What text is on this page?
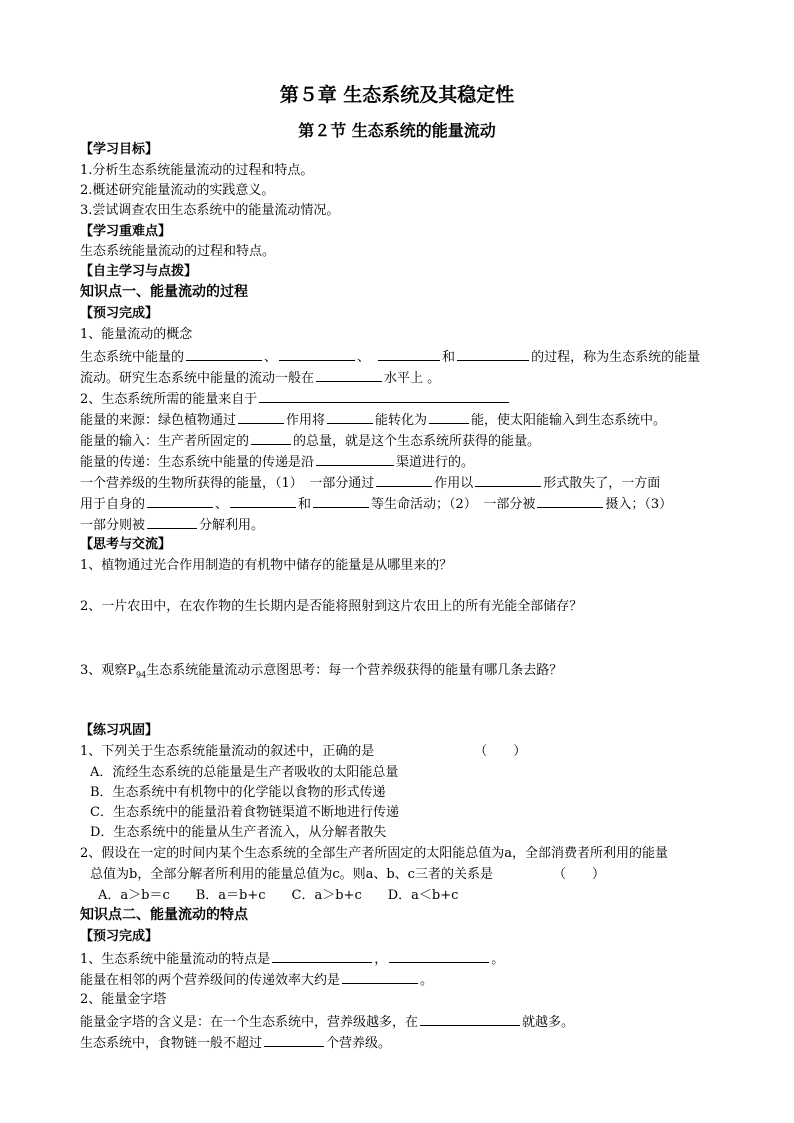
第５章 生态系统及其稳定性
第２节 生态系统的能量流动
【学习目标】
1.分析生态系统能量流动的过程和特点。
2.概述研究能量流动的实践意义。
3.尝试调查农田生态系统中的能量流动情况。
【学习重难点】
生态系统能量流动的过程和特点。
【自主学习与点拨】
知识点一、能量流动的过程
【预习完成】
1、能量流动的概念
生态系统中能量的	、	、	和	的过程，称为生态系统的能量
流动。研究生态系统中能量的流动一般在	水平上 。
2、生态系统所需的能量来自于
能量的来源：绿色植物通过	作用将	能转化为	能，使太阳能输入到生态系统中。
能量的输入：生产者所固定的	的总量，就是这个生态系统所获得的能量。
能量的传递：生态系统中能量的传递是沿	渠道进行的。
一个营养级的生物所获得的能量，（1）　一部分通过	作用以	形式散失了，一方面
用于自身的	、	和	等生命活动；（2）　一部分被	摄入；（3）
一部分则被	分解利用。
【思考与交流】
1、植物通过光合作用制造的有机物中储存的能量是从哪里来的？
2、一片农田中，在农作物的生长期内是否能将照射到这片农田上的所有光能全部储存？
3、观察$P_{94}$生态系统能量流动示意图思考：每一个营养级获得的能量有哪几条去路？
【练习巩固】
1、下列关于生态系统能量流动的叙述中，正确的是	（　　）
A．流经生态系统的总能量是生产者吸收的太阳能总量
B．生态系统中有机物中的化学能以食物的形式传递
C．生态系统中的能量沿着食物链渠道不断地进行传递
D．生态系统中的能量从生产者流入，从分解者散失
2、假设在一定的时间内某个生态系统的全部生产者所固定的太阳能总值为a，全部消费者所利用的能量
总值为b，全部分解者所利用的能量总值为c。则a、b、c三者的关系是	（　　）
A．a＞b＝c　　B．a＝b+c　　C．a＞b+c　　D．a＜b+c
知识点二、能量流动的特点
【预习完成】
1、生态系统中能量流动的特点是	，	。
能量在相邻的两个营养级间的传递效率大约是	。
2、能量金字塔
能量金字塔的含义是：在一个生态系统中，营养级越多，在	就越多。
生态系统中，食物链一般不超过	个营养级。
